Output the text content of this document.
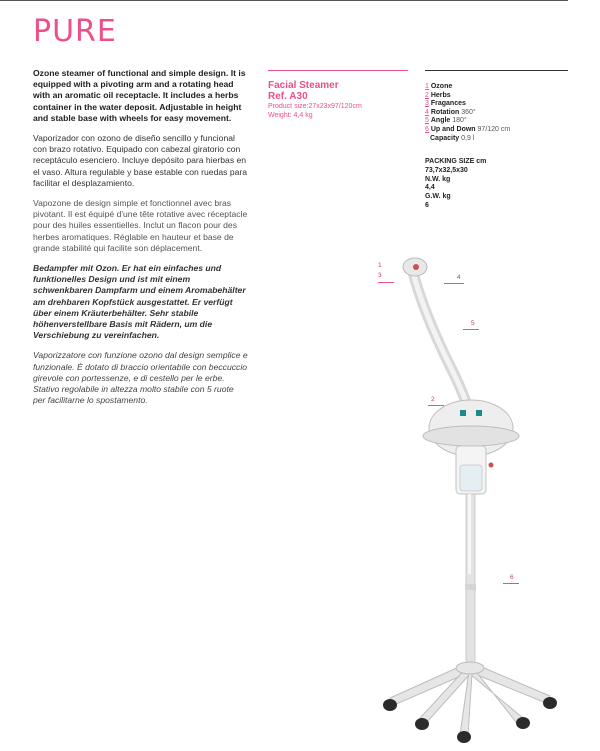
PURE

Ozone steamer of functional and simple design. It is equipped with a pivoting arm and a rotating head with an aromatic oil receptacle. It includes a herbs container in the water deposit. Adjustable in height and stable base with wheels for easy movement.

Vaporizador con ozono de diseño sencillo y funcional con brazo rotativo. Equipado con cabezal giratorio con receptáculo esenciero. Incluye depósito para hierbas en el vaso. Altura regulable y base estable con ruedas para facilitar el desplazamiento.

Vapozone de design simple et fonctionnel avec bras pivotant. Il est équipé d'une tête rotative avec réceptacle pour des huiles essentielles. Inclut un flacon pour des herbes aromatiques. Réglable en hauteur et base de grande stabilité qui facilite son déplacement.

Bedampfer mit Ozon. Er hat ein einfaches und funktionelles Design und ist mit einem schwenkbaren Dampfarm und einem Aromabehälter am drehbaren Kopfstück ausgestattet. Er verfügt über einem Kräuterbehälter. Sehr stabile höhenverstellbare Basis mit Rädern, um die Verschiebung zu vereinfachen.

Vaporizzatore con funzione ozono dal design semplice e funzionale. È dotato di braccio orientabile con beccuccio girevole con portessenze, e di cestello per le erbe. Stativo regolabile in altezza molto stabile con 5 ruote per facilitarne lo spostamento.

Facial Steamer
Ref. A30
Product size:27x23x97/120cm
Weight: 4,4 kg
1 Ozone
2 Herbs
3 Fragances
4 Rotation 360°
5 Angle 180°
6 Up and Down 97/120 cm
Capacity 0,9 l
PACKING SIZE cm
73,7x32,5x30
N.W. kg
4,4
G.W. kg
6
1
3	4
5
2
6
